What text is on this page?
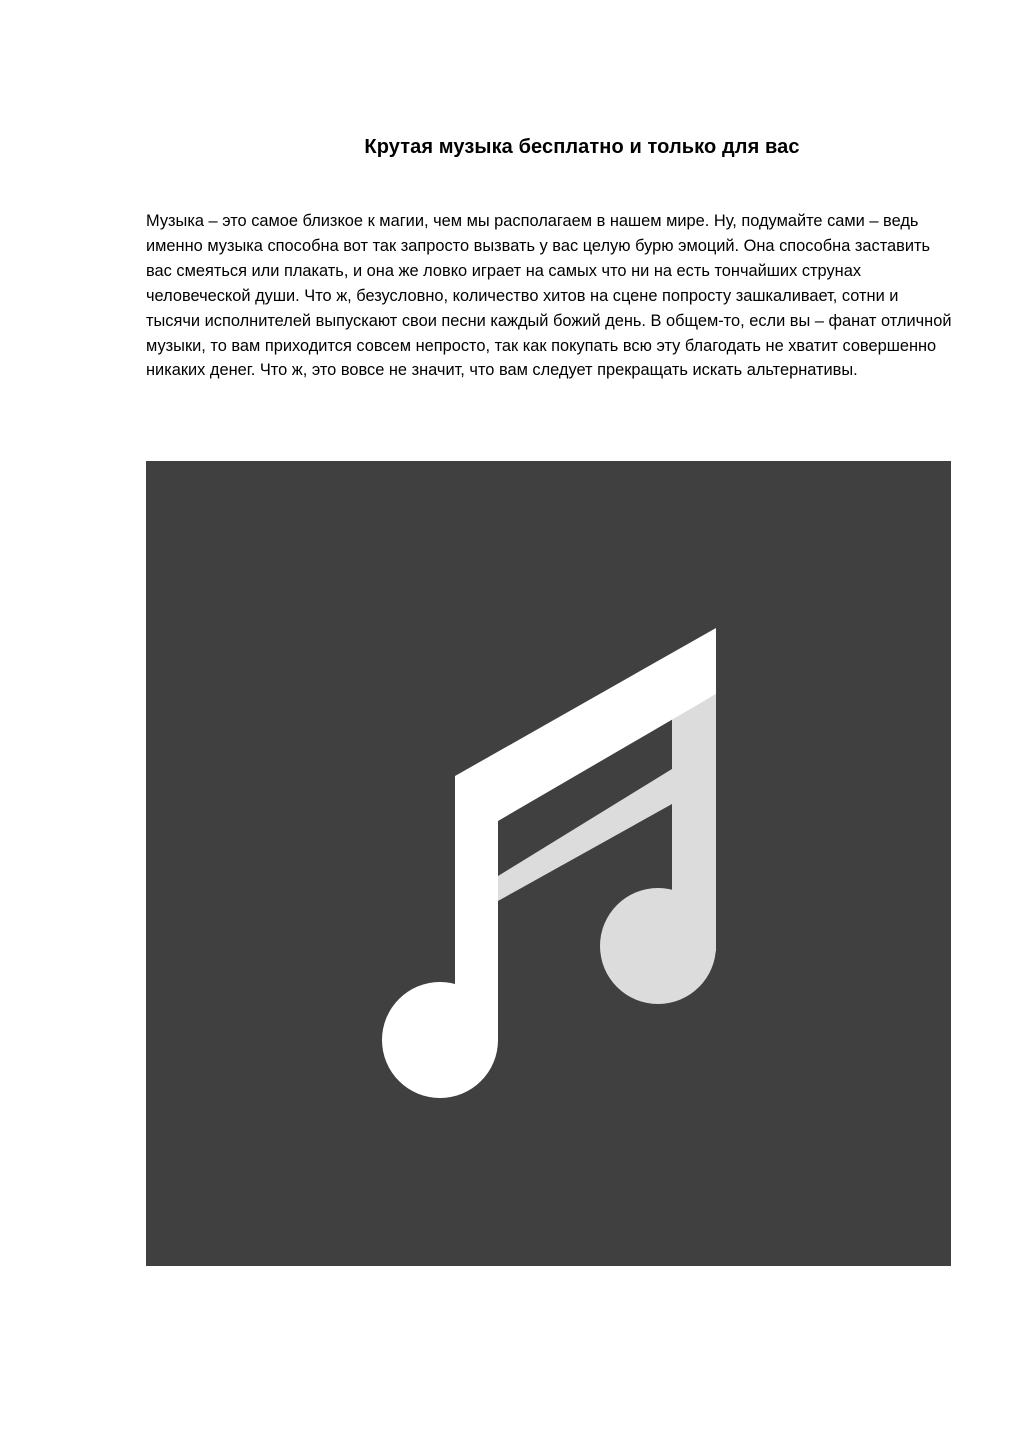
Крутая музыка бесплатно и только для вас

Музыка – это самое близкое к магии, чем мы располагаем в нашем мире. Ну, подумайте сами – ведь именно музыка способна вот так запросто вызвать у вас целую бурю эмоций. Она способна заставить вас смеяться или плакать, и она же ловко играет на самых что ни на есть тончайших струнах человеческой души. Что ж, безусловно, количество хитов на сцене попросту зашкаливает, сотни и тысячи исполнителей выпускают свои песни каждый божий день. В общем-то, если вы – фанат отличной музыки, то вам приходится совсем непросто, так как покупать всю эту благодать не хватит совершенно никаких денег. Что ж, это вовсе не значит, что вам следует прекращать искать альтернативы.
